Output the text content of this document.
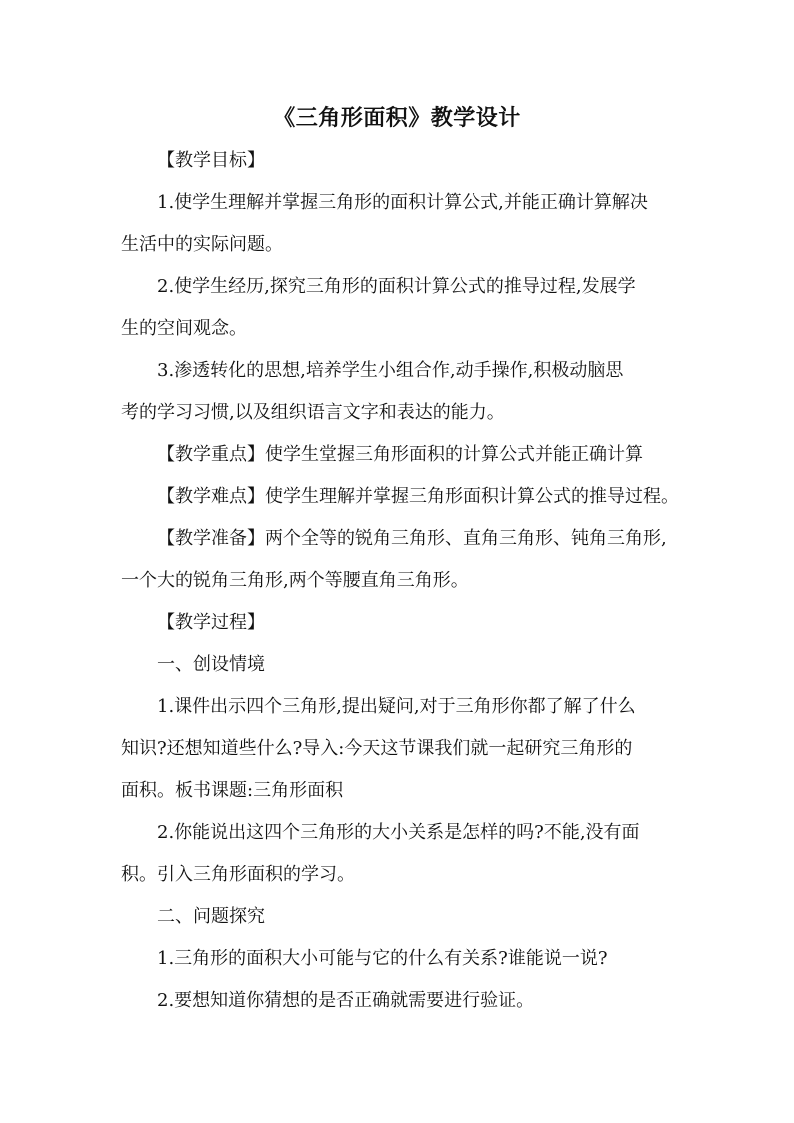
《三角形面积》教学设计
【教学目标】
1.使学生理解并掌握三角形的面积计算公式,并能正确计算解决
生活中的实际问题。
2.使学生经历,探究三角形的面积计算公式的推导过程,发展学
生的空间观念。
3.渗透转化的思想,培养学生小组合作,动手操作,积极动脑思
考的学习习惯,以及组织语言文字和表达的能力。
【教学重点】使学生堂握三角形面积的计算公式并能正确计算
【教学难点】使学生理解并掌握三角形面积计算公式的推导过程。
【教学准备】两个全等的锐角三角形、直角三角形、钝角三角形,
一个大的锐角三角形,两个等腰直角三角形。
【教学过程】
一、创设情境
1.课件出示四个三角形,提出疑问,对于三角形你都了解了什么
知识?还想知道些什么?导入:今天这节课我们就一起研究三角形的
面积。板书课题:三角形面积
2.你能说出这四个三角形的大小关系是怎样的吗?不能,没有面
积。引入三角形面积的学习。
二、问题探究
1.三角形的面积大小可能与它的什么有关系?谁能说一说?
2.要想知道你猜想的是否正确就需要进行验证。
